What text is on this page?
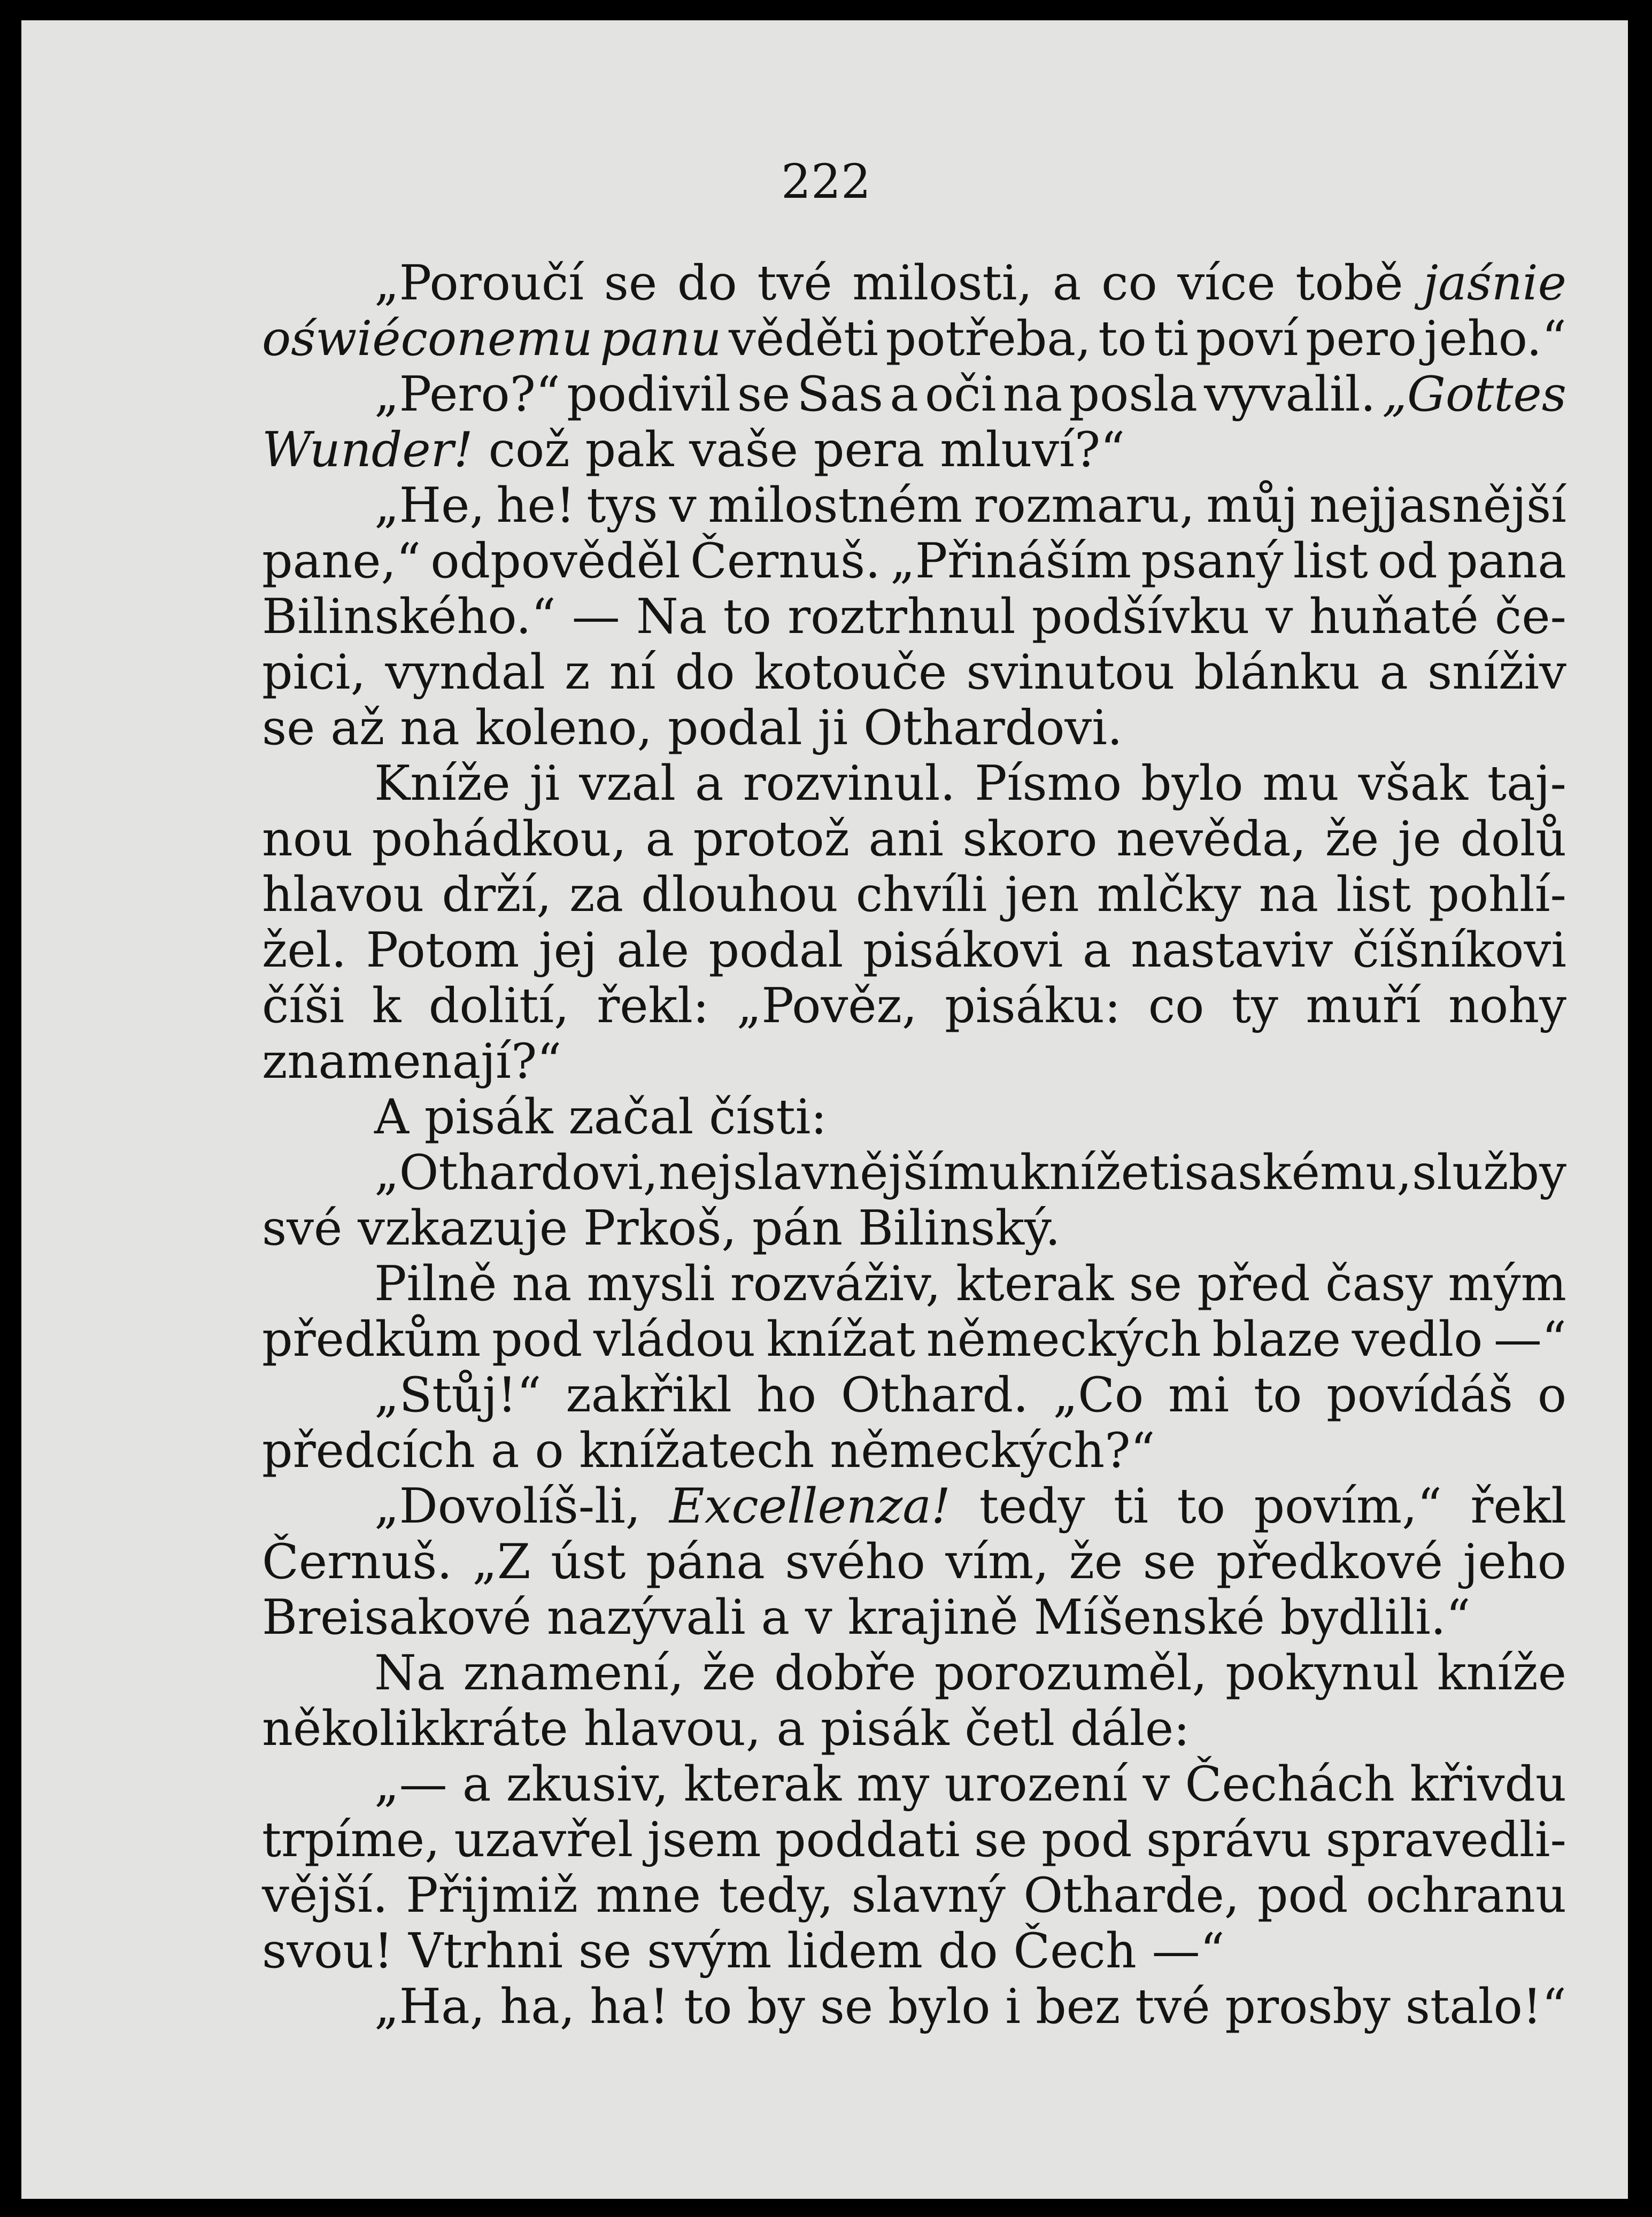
222
„Poroučí se do tvé milosti, a co více tobě jaśnie
oświéconemu panu věděti potřeba, to ti poví pero jeho.“
„Pero?“ podivil se Sas a oči na posla vyvalil. „Gottes
Wunder! což pak vaše pera mluví?“
„He, he! tys v milostném rozmaru, můj nejjasnější
pane,“ odpověděl Černuš. „Přináším psaný list od pana
Bilinského.“ — Na to roztrhnul podšívku v huňaté če-
pici, vyndal z ní do kotouče svinutou blánku a sníživ
se až na koleno, podal ji Othardovi.
Kníže ji vzal a rozvinul. Písmo bylo mu však taj-
nou pohádkou, a protož ani skoro nevěda, že je dolů
hlavou drží, za dlouhou chvíli jen mlčky na list pohlí-
žel. Potom jej ale podal pisákovi a nastaviv číšníkovi
číši k dolití, řekl: „Pověz, pisáku: co ty muří nohy
znamenají?“
A pisák začal čísti:
„Othardovi, nejslavnějšímu knížeti saskému, služby
své vzkazuje Prkoš, pán Bilinský.
Pilně na mysli rozváživ, kterak se před časy mým
předkům pod vládou knížat německých blaze vedlo —“
„Stůj!“ zakřikl ho Othard. „Co mi to povídáš o
předcích a o knížatech německých?“
„Dovolíš-li, Excellenza! tedy ti to povím,“ řekl
Černuš. „Z úst pána svého vím, že se předkové jeho
Breisakové nazývali a v krajině Míšenské bydlili.“
Na znamení, že dobře porozuměl, pokynul kníže
několikkráte hlavou, a pisák četl dále:
„— a zkusiv, kterak my urození v Čechách křivdu
trpíme, uzavřel jsem poddati se pod správu spravedli-
vější. Přijmiž mne tedy, slavný Otharde, pod ochranu
svou! Vtrhni se svým lidem do Čech —“
„Ha, ha, ha! to by se bylo i bez tvé prosby stalo!“
